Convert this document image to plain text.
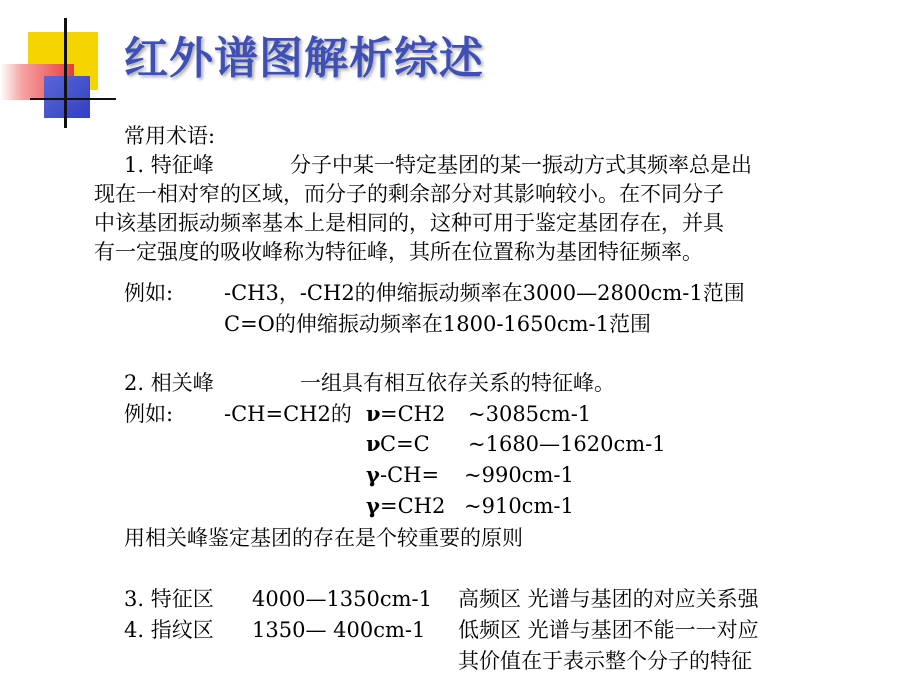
红外谱图解析综述
常用术语:
1. 特征峰	分子中某一特定基团的某一振动方式其频率总是出
现在一相对窄的区域，而分子的剩余部分对其影响较小。在不同分子
中该基团振动频率基本上是相同的，这种可用于鉴定基团存在，并具
有一定强度的吸收峰称为特征峰，其所在位置称为基团特征频率。
例如: -CH3，-CH2的伸缩振动频率在3000—2800cm-1范围
C=O的伸缩振动频率在1800-1650cm-1范围
2. 相关峰	一组具有相互依存关系的特征峰。
例如: -CH=CH2的 ν =CH2 ~3085cm-1
ν C=C ~1680—1620cm-1
γ -CH= ~990cm-1
γ =CH2 ~910cm-1
用相关峰鉴定基团的存在是个较重要的原则
3. 特征区 4000—1350cm-1 高频区 光谱与基团的对应关系强
4. 指纹区 1350— 400cm-1 低频区 光谱与基团不能一一对应
其价值在于表示整个分子的特征
